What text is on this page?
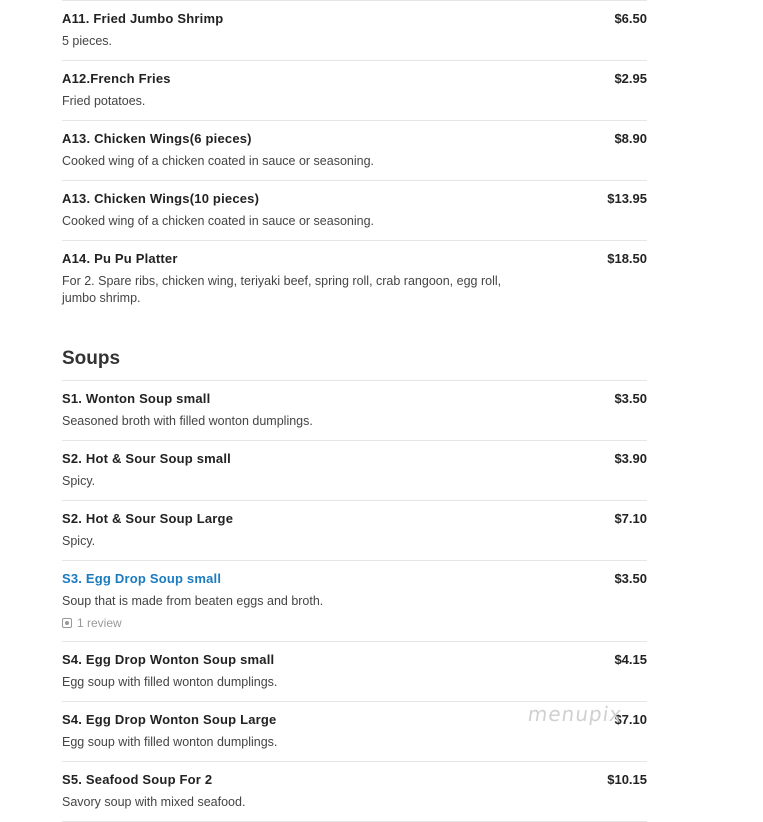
A11. Fried Jumbo Shrimp	$6.50
5 pieces.
A12.French Fries	$2.95
Fried potatoes.
A13. Chicken Wings(6 pieces)	$8.90
Cooked wing of a chicken coated in sauce or seasoning.
A13. Chicken Wings(10 pieces)	$13.95
Cooked wing of a chicken coated in sauce or seasoning.
A14. Pu Pu Platter	$18.50
For 2. Spare ribs, chicken wing, teriyaki beef, spring roll, crab rangoon, egg roll, jumbo shrimp.
Soups
S1. Wonton Soup small	$3.50
Seasoned broth with filled wonton dumplings.
S2. Hot & Sour Soup small	$3.90
Spicy.
S2. Hot & Sour Soup Large	$7.10
Spicy.
S3. Egg Drop Soup small	$3.50
Soup that is made from beaten eggs and broth.
1 review
S4. Egg Drop Wonton Soup small	$4.15
Egg soup with filled wonton dumplings.
S4. Egg Drop Wonton Soup Large	$7.10
Egg soup with filled wonton dumplings.
S5. Seafood Soup For 2	$10.15
Savory soup with mixed seafood.
menupix
